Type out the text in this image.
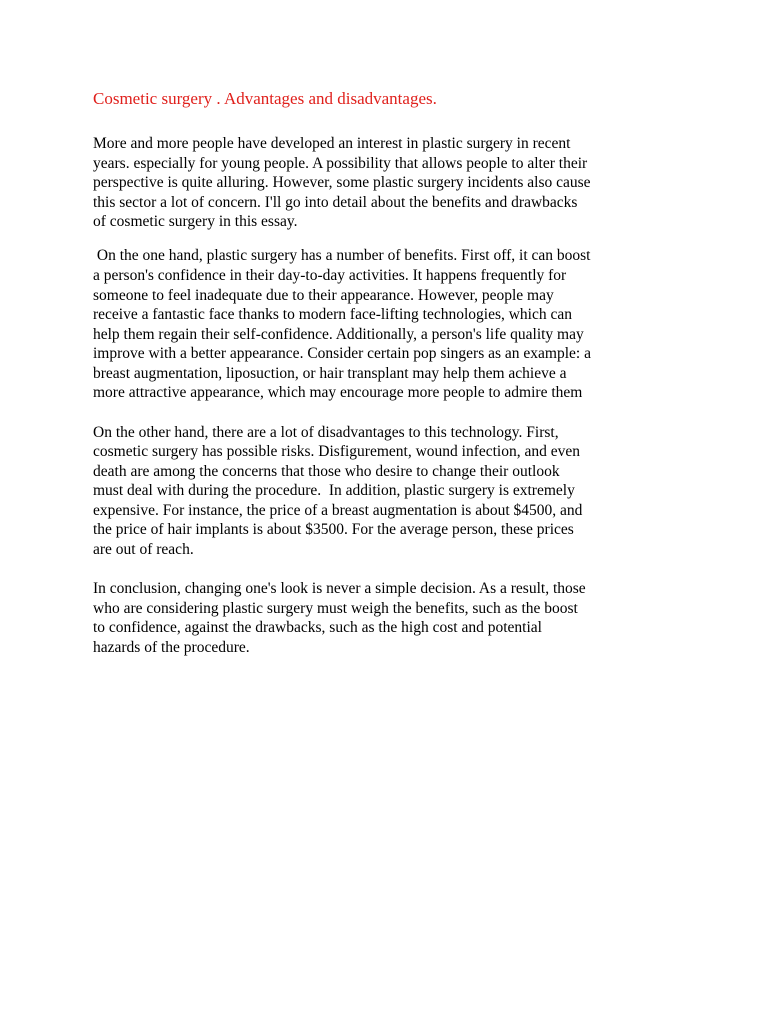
Cosmetic surgery . Advantages and disadvantages.

More and more people have developed an interest in plastic surgery in recent

years. especially for young people. A possibility that allows people to alter their

perspective is quite alluring. However, some plastic surgery incidents also cause

this sector a lot of concern. I'll go into detail about the benefits and drawbacks

of cosmetic surgery in this essay.

On the one hand, plastic surgery has a number of benefits. First off, it can boost

a person's confidence in their day-to-day activities. It happens frequently for

someone to feel inadequate due to their appearance. However, people may

receive a fantastic face thanks to modern face-lifting technologies, which can

help them regain their self-confidence. Additionally, a person's life quality may

improve with a better appearance. Consider certain pop singers as an example: a

breast augmentation, liposuction, or hair transplant may help them achieve a

more attractive appearance, which may encourage more people to admire them

On the other hand, there are a lot of disadvantages to this technology. First,

cosmetic surgery has possible risks. Disfigurement, wound infection, and even

death are among the concerns that those who desire to change their outlook

must deal with during the procedure.  In addition, plastic surgery is extremely

expensive. For instance, the price of a breast augmentation is about $4500, and

the price of hair implants is about $3500. For the average person, these prices

are out of reach.

In conclusion, changing one's look is never a simple decision. As a result, those

who are considering plastic surgery must weigh the benefits, such as the boost

to confidence, against the drawbacks, such as the high cost and potential

hazards of the procedure.
